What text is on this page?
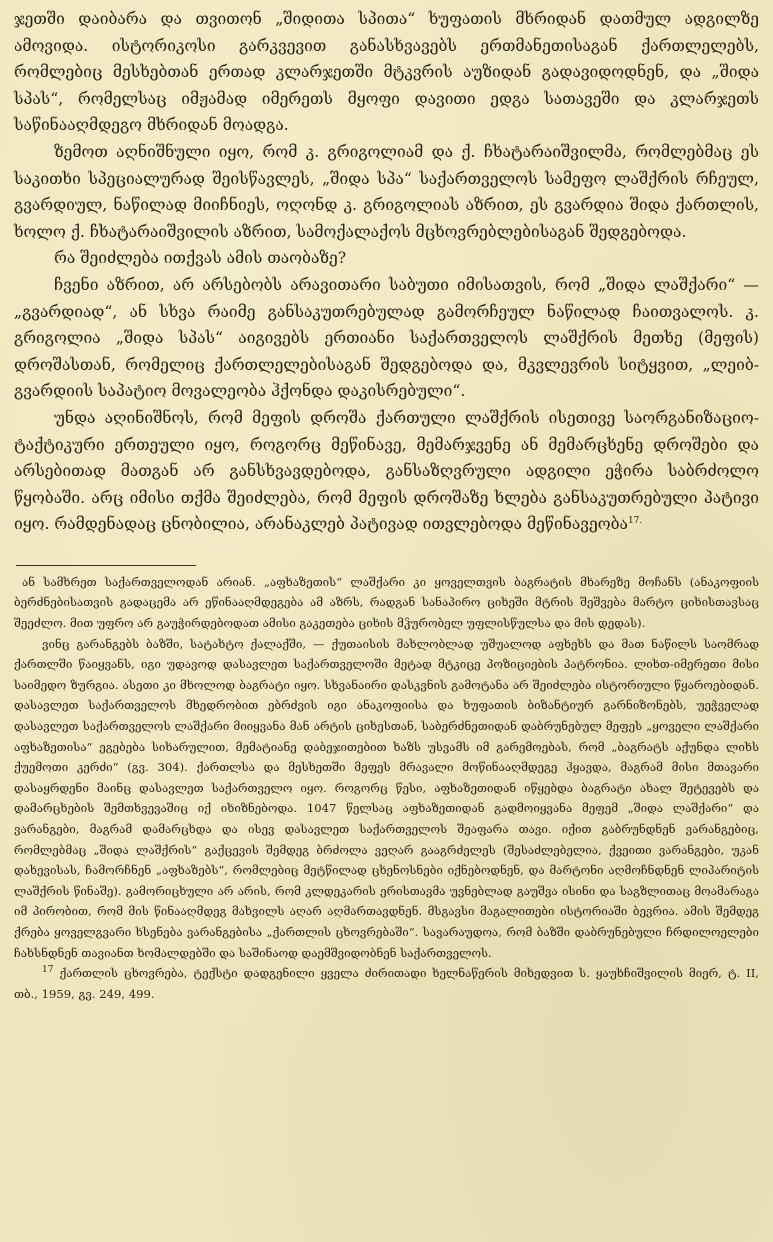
ჯეთში დაიბარა და თვითონ „შიდითა სპითა“ ხუფათის მხრიდან დათმულ ადგილზე ამოვიდა. ისტორიკოსი გარკვევით განასხვავებს ერთმანეთისაგან ქართლელებს, რომლებიც მესხებთან ერთად კლარჯეთში მტკვრის აუზიდან გადავიდოდნენ, და „შიდა სპას“, რომელსაც იმჟამად იმერეთს მყოფი დავითი ედგა სათავეში და კლარჯეთს საწინააღმდეგო მხრიდან მოადგა.

ზემოთ აღნიშნული იყო, რომ კ. გრიგოლიამ და ქ. ჩხატარაიშვილმა, რომლებმაც ეს საკითხი სპეციალურად შეისწავლეს, „შიდა სპა“ საქართველოს სამეფო ლაშქრის რჩეულ, გვარდიულ, ნაწილად მიიჩნიეს, ოღონდ კ. გრიგოლიას აზრით, ეს გვარდია შიდა ქართლის, ხოლო ქ. ჩხატარაიშვილის აზრით, სამოქალაქოს მცხოვრებლებისაგან შედგებოდა.

რა შეიძლება ითქვას ამის თაობაზე?

ჩვენი აზრით, არ არსებობს არავითარი საბუთი იმისათვის, რომ „შიდა ლაშქარი“ — „გვარდიად“, ან სხვა რაიმე განსაკუთრებულად გამორჩეულ ნაწილად ჩაითვალოს. კ. გრიგოლია „შიდა სპას“ აიგივებს ერთიანი საქართველოს ლაშქრის მეთხე (მეფის) დროშასთან, რომელიც ქართლელებისაგან შედგებოდა და, მკვლევრის სიტყვით, „ლეიბ-გვარდიის საპატიო მოვალეობა ჰქონდა დაკისრებული“.

უნდა აღინიშნოს, რომ მეფის დროშა ქართული ლაშქრის ისეთივე საორგანიზაციო-ტაქტიკური ერთეული იყო, როგორც მეწინავე, მემარჯვენე ან მემარცხენე დროშები და არსებითად მათგან არ განსხვავდებოდა, განსაზღვრული ადგილი ეჭირა საბრძოლო წყობაში. არც იმისი თქმა შეიძლება, რომ მეფის დროშაზე ხლება განსაკუთრებული პატივი იყო. რამდენადაც ცნობილია, არანაკლებ პატივად ითვლებოდა მეწინავეობა$^{17.}$

ან სამხრეთ საქართველოდან არიან. „აფხაზეთის“ ლაშქარი კი ყოველთვის ბაგრატის მხარეზე მოჩანს (ანაკოფიის ბერძნებისათვის გადაცემა არ ეწინააღმდეგება ამ აზრს, რადგან სანაპირო ციხეში მტრის შეშვება მარტო ციხისთავსაც შეეძლო. მით უფრო არ გაუჭირდებოდათ ამისი გაკეთება ციხის მჴურობელ უფლისწულსა და მის დედას).

ვინც გარანგებს ბაზში, სატახტო ქალაქში, — ქუთაისის მახლობლად უშუალოდ აფხეხს და მათ ნაწილს საომრად ქართლში წაიყვანს, იგი უდავოდ დასავლეთ საქართველოში მეტად მტკიცე პოზიციების პატრონია. ლიხთ-იმერეთი მისი საიმედო ზურგია. ასეთი კი მხოლოდ ბაგრატი იყო. სხვანაირი დასკვნის გამოტანა არ შეიძლება ისტორიული წყაროებიდან. დასავლეთ საქართველოს მხედრობით ებრძვის იგი ანაკოფიისა და ხუფათის ბიზანტიურ გარნიზონებს, უეჭველად დასავლეთ საქართველოს ლაშქარი მიიყვანა მან არტის ციხესთან, საბერძნეთიდან დაბრუნებულ მეფეს „ყოველი ლაშქარი აფხაზეთისა“ ეგებება სიხარულით, მემატიანე დაბეჯითებით ხაზს უსვამს იმ გარემოებას, რომ „ბაგრატს აქუნდა ლიხს ქუემოთი კერძი“ (გვ. 304). ქართლსა და მესხეთში მეფეს მრავალი მოწინააღმდეგე ჰყავდა, მაგრამ მისი მთავარი დასაყრდენი მაინც დასავლეთ საქართველო იყო. როგორც წესი, აფხაზეთიდან იწყებდა ბაგრატი ახალ შეტევებს და დამარცხების შემთხვევაშიც იქ იხიზნებოდა. 1047 წელსაც აფხაზეთიდან გადმოიყვანა მეფემ „შიდა ლაშქარი“ და ვარანგები, მაგრამ დამარცხდა და ისევ დასავლეთ საქართველოს შეაფარა თავი. იქით გაბრუნდნენ ვარანგებიც, რომლებმაც „შიდა ლაშქრის“ გაქცევის შემდეგ ბრძოლა ვეღარ გააგრძელეს (შესაძლებელია, ქვეითი ვარანგები, უკან დახევისას, ჩამორჩნენ „აფხაზებს“, რომლებიც მეტწილად ცხენოსნები იქნებოდნენ, და მარტონი აღმოჩნდნენ ლიპარიტის ლაშქრის წინაშე). გამორიცხული არ არის, რომ კლდეკარის ერისთავმა უვნებლად გაუშვა ისინი და საგზლითაც მოამარაგა იმ პირობით, რომ მის წინააღმდეგ მახვილს აღარ აღმართავდნენ. მსგავსი მაგალითები ისტორიაში ბევრია. ამის შემდეგ ქრება ყოველგვარი ხსენება ვარანგებისა „ქართლის ცხოვრებაში“. სავარაუდოა, რომ ბაზში დაბრუნებული ჩრდილოელები ჩახსნდნენ თავიანთ ხომალდებში და საშინაოდ დაემშვიდობნენ საქართველოს.

$^{17}$ ქართლის ცხოვრება, ტექსტი დადგენილი ყველა ძირითადი ხელნაწერის მიხედვით ს. ყაუხჩიშვილის მიერ, ტ. II, თბ., 1959, გვ. 249, 499.
